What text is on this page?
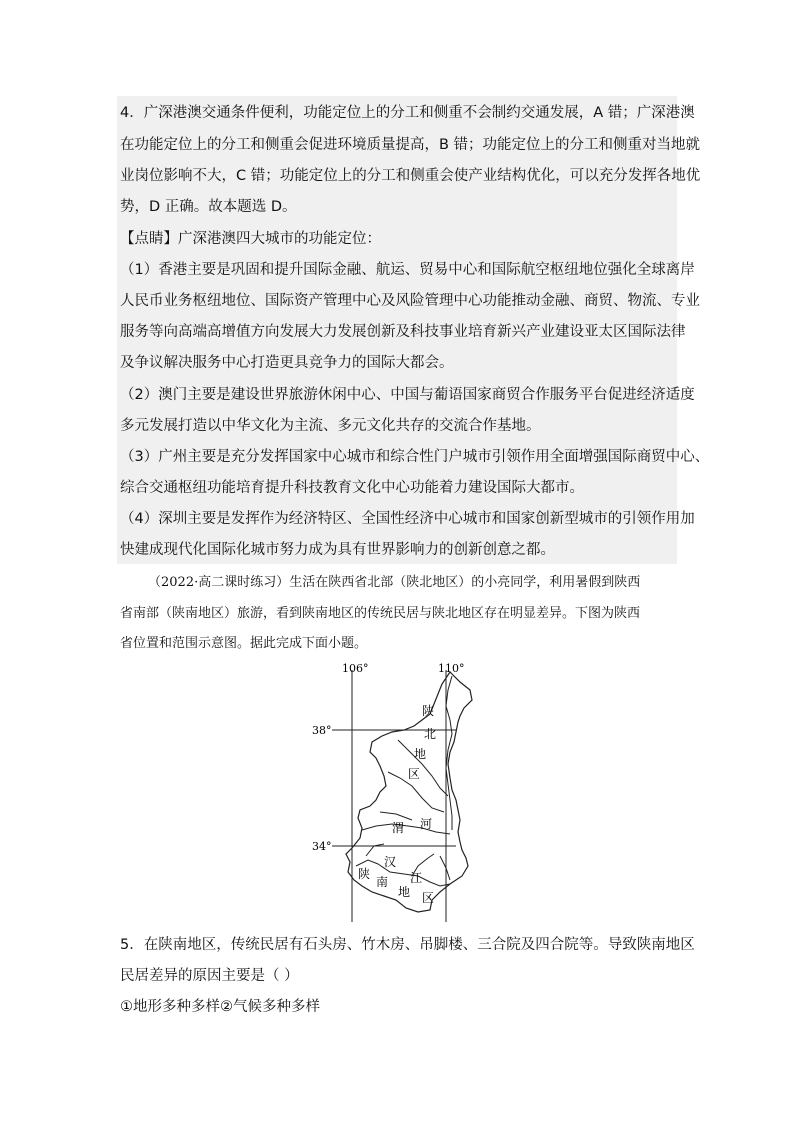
4．广深港澳交通条件便利，功能定位上的分工和侧重不会制约交通发展，A 错；广深港澳
在功能定位上的分工和侧重会促进环境质量提高，B 错；功能定位上的分工和侧重对当地就
业岗位影响不大，C 错；功能定位上的分工和侧重会使产业结构优化，可以充分发挥各地优
势，D 正确。故本题选 D。
【点睛】广深港澳四大城市的功能定位：
（1）香港主要是巩固和提升国际金融、航运、贸易中心和国际航空枢纽地位强化全球离岸
人民币业务枢纽地位、国际资产管理中心及风险管理中心功能推动金融、商贸、物流、专业
服务等向高端高增值方向发展大力发展创新及科技事业培育新兴产业建设亚太区国际法律
及争议解决服务中心打造更具竞争力的国际大都会。
（2）澳门主要是建设世界旅游休闲中心、中国与葡语国家商贸合作服务平台促进经济适度
多元发展打造以中华文化为主流、多元文化共存的交流合作基地。
（3）广州主要是充分发挥国家中心城市和综合性门户城市引领作用全面增强国际商贸中心、
综合交通枢纽功能培育提升科技教育文化中心功能着力建设国际大都市。
（4）深圳主要是发挥作为经济特区、全国性经济中心城市和国家创新型城市的引领作用加
快建成现代化国际化城市努力成为具有世界影响力的创新创意之都。
（2022·高二课时练习）生活在陕西省北部（陕北地区）的小亮同学，利用暑假到陕西
省南部（陕南地区）旅游，看到陕南地区的传统民居与陕北地区存在明显差异。下图为陕西
省位置和范围示意图。据此完成下面小题。
106°	110°
38°
34°
陕
北
地
区
渭 河
汉
陕
南 江
地 区
5．在陕南地区，传统民居有石头房、竹木房、吊脚楼、三合院及四合院等。导致陕南地区
民居差异的原因主要是（ ）
①地形多种多样②气候多种多样
